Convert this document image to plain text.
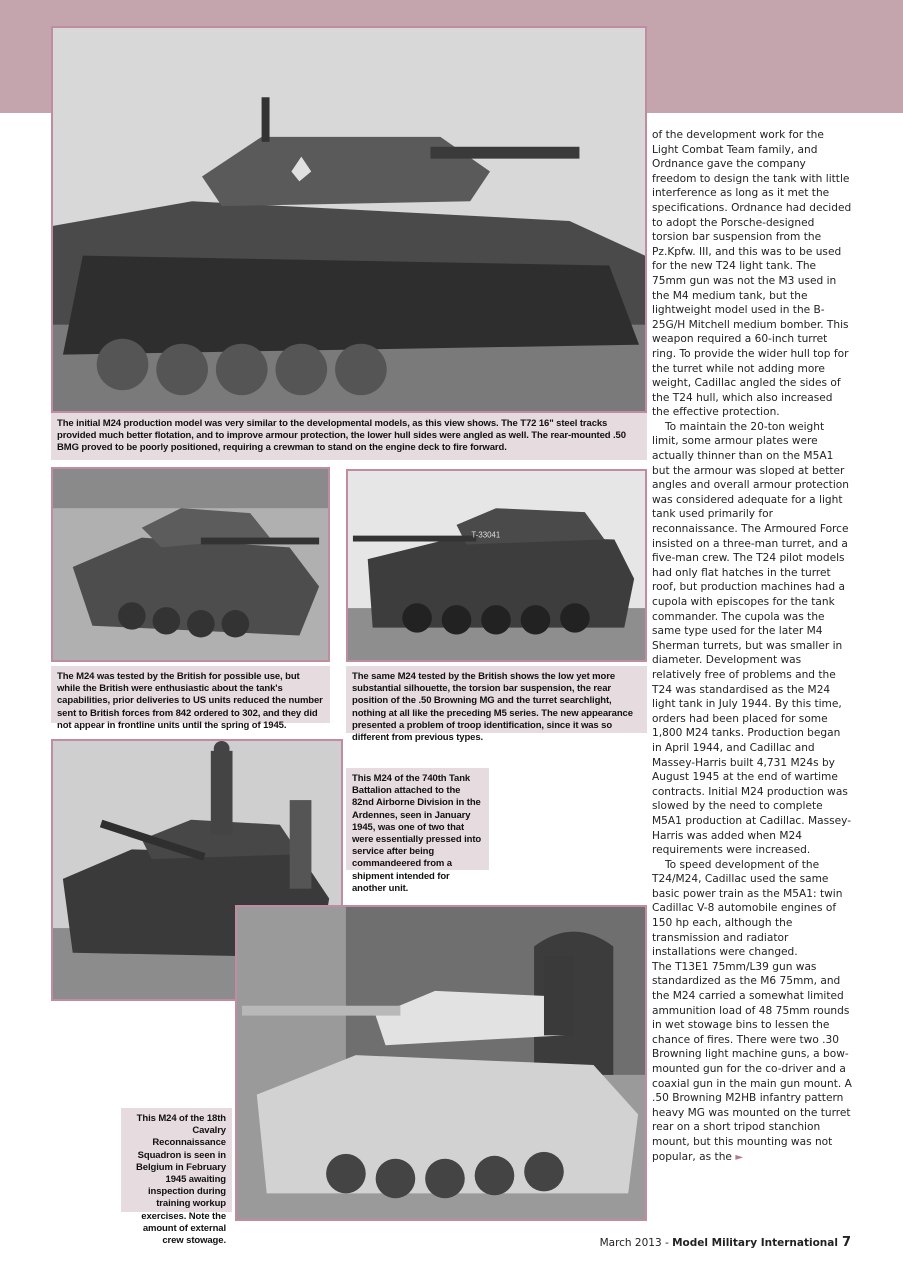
The initial M24 production model was very similar to the developmental models, as this view shows. The T72 16" steel tracks provided much better flotation, and to improve armour protection, the lower hull sides were angled as well. The rear-mounted .50 BMG proved to be poorly positioned, requiring a crewman to stand on the engine deck to fire forward.
The M24 was tested by the British for possible use, but while the British were enthusiastic about the tank's capabilities, prior deliveries to US units reduced the number sent to British forces from 842 ordered to 302, and they did not appear in frontline units until the spring of 1945.
T-33041
The same M24 tested by the British shows the low yet more substantial silhouette, the torsion bar suspension, the rear position of the .50 Browning MG and the turret searchlight, nothing at all like the preceding M5 series. The new appearance presented a problem of troop identification, since it was so different from previous types.
This M24 of the 740th Tank Battalion attached to the 82nd Airborne Division in the Ardennes, seen in January 1945, was one of two that were essentially pressed into service after being commandeered from a shipment intended for another unit.
This M24 of the 18th Cavalry Reconnaissance Squadron is seen in Belgium in February 1945 awaiting inspection during training workup exercises. Note the amount of external crew stowage.

of the development work for the Light Combat Team family, and Ordnance gave the company freedom to design the tank with little interference as long as it met the specifications. Ordnance had decided to adopt the Porsche-designed torsion bar suspension from the Pz.Kpfw. III, and this was to be used for the new T24 light tank. The 75mm gun was not the M3 used in the M4 medium tank, but the lightweight model used in the B-25G/H Mitchell medium bomber. This weapon required a 60-inch turret ring. To provide the wider hull top for the turret while not adding more weight, Cadillac angled the sides of the T24 hull, which also increased the effective protection.

To maintain the 20-ton weight limit, some armour plates were actually thinner than on the M5A1 but the armour was sloped at better angles and overall armour protection was considered adequate for a light tank used primarily for reconnaissance. The Armoured Force insisted on a three-man turret, and a five-man crew. The T24 pilot models had only flat hatches in the turret roof, but production machines had a cupola with episcopes for the tank commander. The cupola was the same type used for the later M4 Sherman turrets, but was smaller in diameter. Development was relatively free of problems and the T24 was standardised as the M24 light tank in July 1944. By this time, orders had been placed for some 1,800 M24 tanks. Production began in April 1944, and Cadillac and Massey-Harris built 4,731 M24s by August 1945 at the end of wartime contracts. Initial M24 production was slowed by the need to complete M5A1 production at Cadillac. Massey-Harris was added when M24 requirements were increased.

To speed development of the T24/M24, Cadillac used the same basic power train as the M5A1: twin Cadillac V-8 automobile engines of 150 hp each, although the transmission and radiator installations were changed.

The T13E1 75mm/L39 gun was standardized as the M6 75mm, and the M24 carried a somewhat limited ammunition load of 48 75mm rounds in wet stowage bins to lessen the chance of fires. There were two .30 Browning light machine guns, a bow-mounted gun for the co-driver and a coaxial gun in the main gun mount. A .50 Browning M2HB infantry pattern heavy MG was mounted on the turret rear on a short tripod stanchion mount, but this mounting was not popular, as the ►

March 2013 - Model Military International 7
